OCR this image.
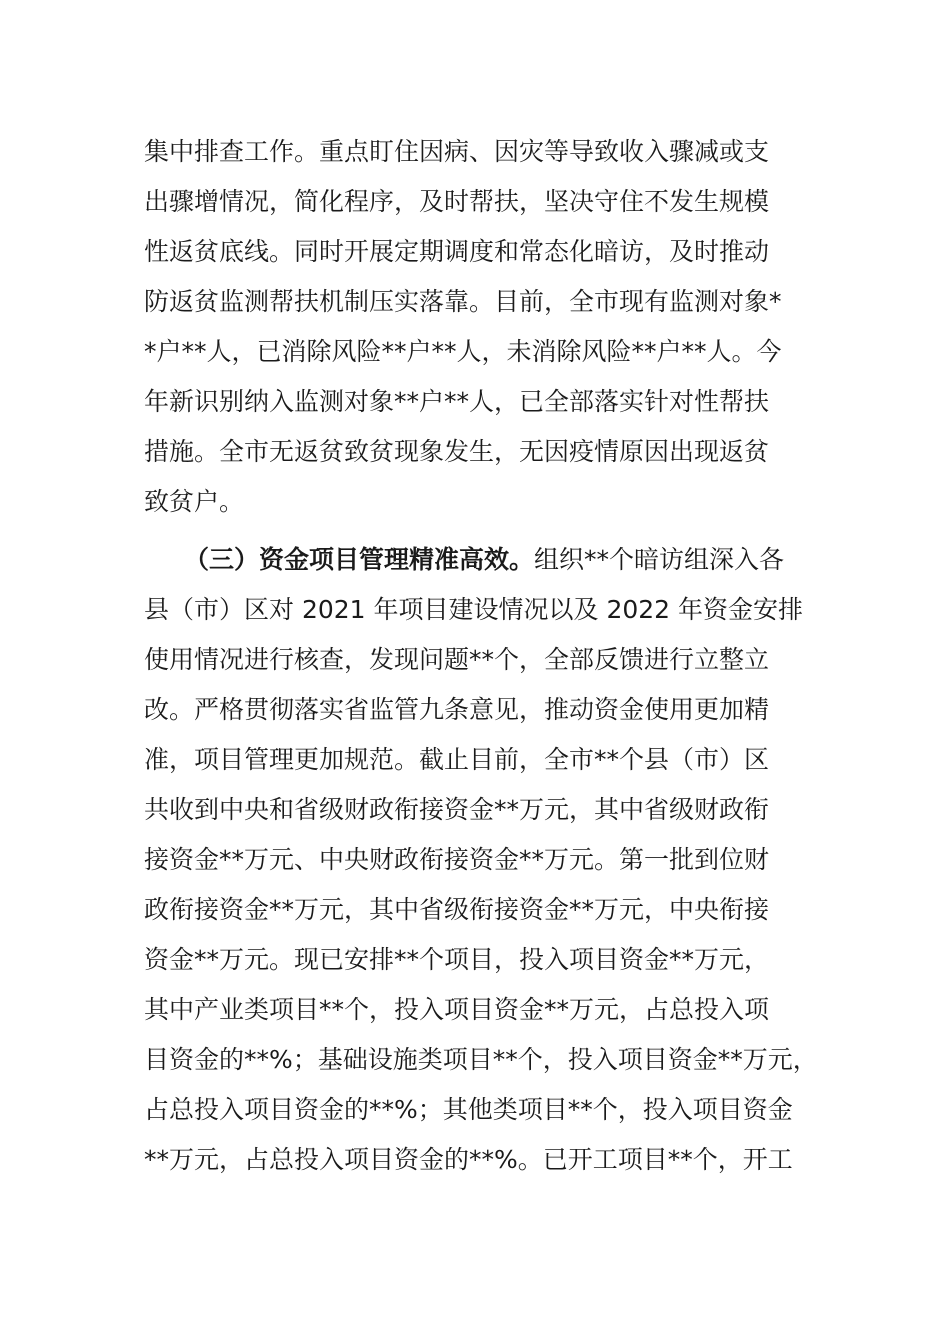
集中排查工作。重点盯住因病、因灾等导致收入骤减或支
出骤增情况，简化程序，及时帮扶，坚决守住不发生规模
性返贫底线。同时开展定期调度和常态化暗访，及时推动
防返贫监测帮扶机制压实落靠。目前，全市现有监测对象*
*户**人，已消除风险**户**人，未消除风险**户**人。今
年新识别纳入监测对象**户**人，已全部落实针对性帮扶
措施。全市无返贫致贫现象发生，无因疫情原因出现返贫
致贫户。
（三）资金项目管理精准高效。组织**个暗访组深入各
县（市）区对 2021 年项目建设情况以及 2022 年资金安排
使用情况进行核查，发现问题**个，全部反馈进行立整立
改。严格贯彻落实省监管九条意见，推动资金使用更加精
准，项目管理更加规范。截止目前，全市**个县（市）区
共收到中央和省级财政衔接资金**万元，其中省级财政衔
接资金**万元、中央财政衔接资金**万元。第一批到位财
政衔接资金**万元，其中省级衔接资金**万元，中央衔接
资金**万元。现已安排**个项目，投入项目资金**万元，
其中产业类项目**个，投入项目资金**万元，占总投入项
目资金的**%；基础设施类项目**个，投入项目资金**万元，
占总投入项目资金的**%；其他类项目**个，投入项目资金
**万元，占总投入项目资金的**%。已开工项目**个，开工
